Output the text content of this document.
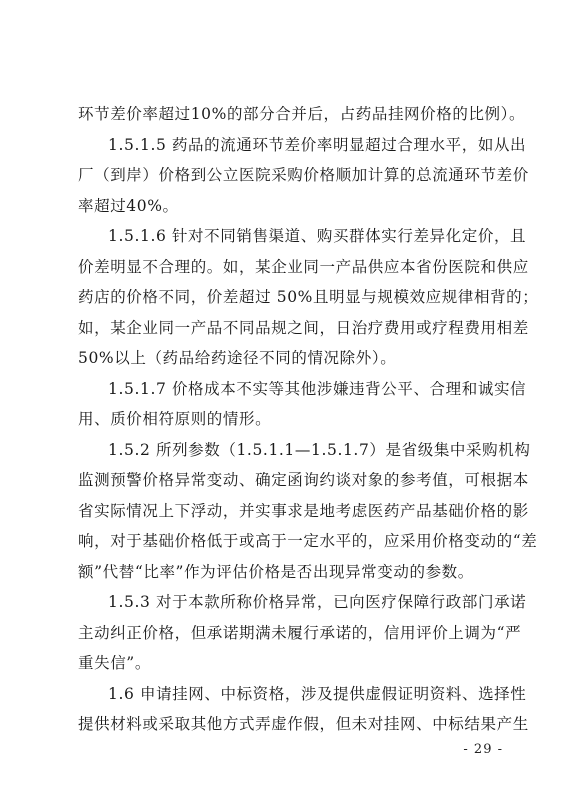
环节差价率超过10%的部分合并后，占药品挂网价格的比例）。
1.5.1.5 药品的流通环节差价率明显超过合理水平，如从出
厂（到岸）价格到公立医院采购价格顺加计算的总流通环节差价
率超过40%。
1.5.1.6 针对不同销售渠道、购买群体实行差异化定价，且
价差明显不合理的。如，某企业同一产品供应本省份医院和供应
药店的价格不同，价差超过 50%且明显与规模效应规律相背的；
如，某企业同一产品不同品规之间，日治疗费用或疗程费用相差
50%以上（药品给药途径不同的情况除外）。
1.5.1.7 价格成本不实等其他涉嫌违背公平、合理和诚实信
用、质价相符原则的情形。
1.5.2 所列参数（1.5.1.1—1.5.1.7）是省级集中采购机构
监测预警价格异常变动、确定函询约谈对象的参考值，可根据本
省实际情况上下浮动，并实事求是地考虑医药产品基础价格的影
响，对于基础价格低于或高于一定水平的，应采用价格变动的“差
额”代替“比率”作为评估价格是否出现异常变动的参数。
1.5.3 对于本款所称价格异常，已向医疗保障行政部门承诺
主动纠正价格，但承诺期满未履行承诺的，信用评价上调为“严
重失信”。
1.6 申请挂网、中标资格，涉及提供虚假证明资料、选择性
提供材料或采取其他方式弄虚作假，但未对挂网、中标结果产生
- 29 -
